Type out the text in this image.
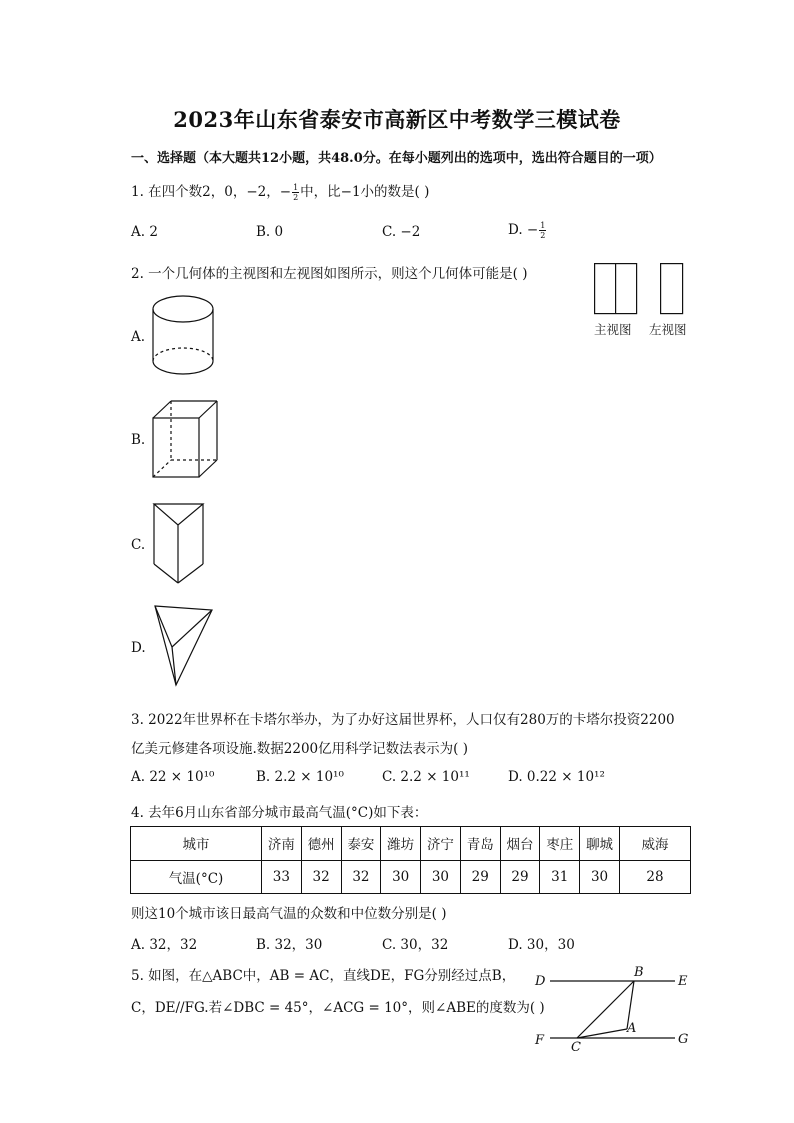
2023年山东省泰安市高新区中考数学三模试卷
一、选择题（本大题共12小题，共48.0分。在每小题列出的选项中，选出符合题目的一项）
1. 在四个数2，0，−2，− $\frac{1}{2}$ 中，比−1小的数是( )
A. 2	B. 0	C. −2	D. − $\frac{1}{2}$
2. 一个几何体的主视图和左视图如图所示，则这个几何体可能是( )
主视图 左视图
A.
B.
C.
D.
3. 2022年世界杯在卡塔尔举办，为了办好这届世界杯，人口仅有280万的卡塔尔投资2200
亿美元修建各项设施.数据2200亿用科学记数法表示为( )
A. 22 × 10¹⁰	B. 2.2 × 10¹⁰	C. 2.2 × 10¹¹	D. 0.22 × 10¹²
4. 去年6月山东省部分城市最高气温(°C)如下表：
城市	济南	德州	泰安	潍坊	济宁	青岛	烟台	枣庄	聊城	威海
气温(°C)	33	32	32	30	30	29	29	31	30	28
则这10个城市该日最高气温的众数和中位数分别是( )
A. 32，32	B. 32，30	C. 30，32	D. 30，30
5. 如图，在△ABC中，AB = AC，直线DE，FG分别经过点B，
C，DE//FG.若∠DBC = 45°，∠ACG = 10°，则∠ABE的度数为( )
D
B
E
F C
A
G
